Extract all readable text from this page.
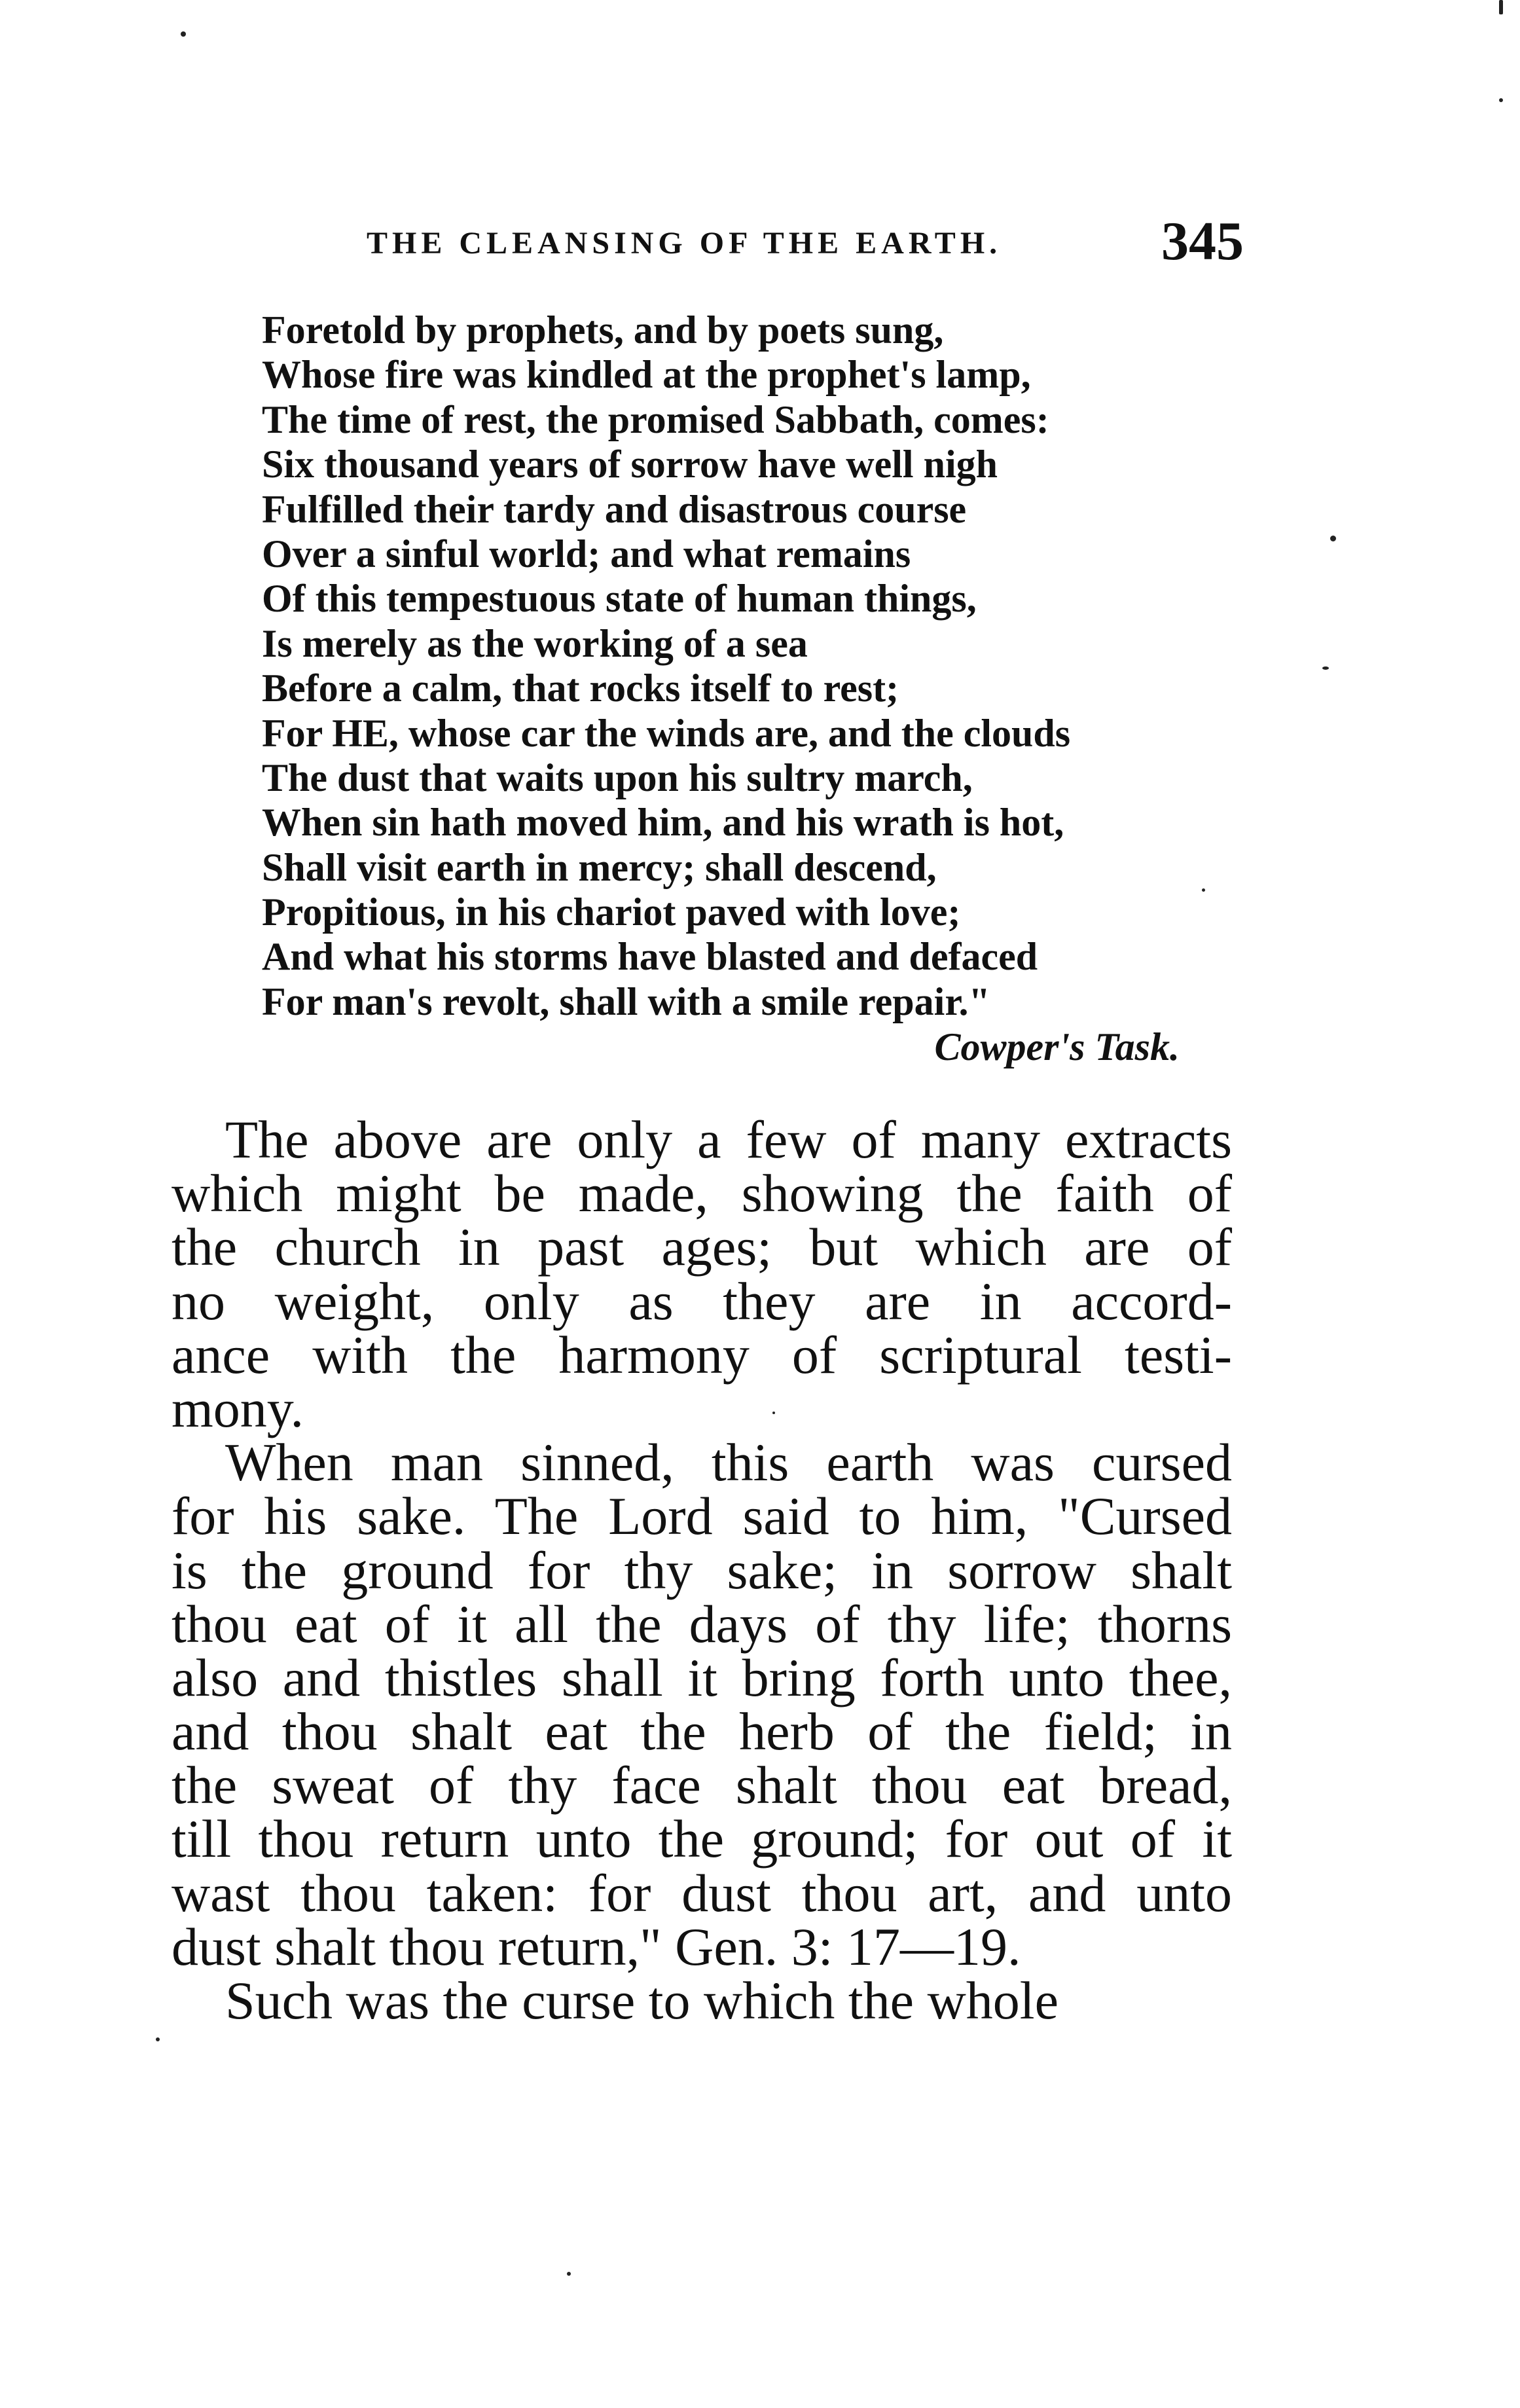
THE CLEANSING OF THE EARTH.	345
Foretold by prophets, and by poets sung,
Whose fire was kindled at the prophet's lamp,
The time of rest, the promised Sabbath, comes:
Six thousand years of sorrow have well nigh
Fulfilled their tardy and disastrous course
Over a sinful world; and what remains
Of this tempestuous state of human things,
Is merely as the working of a sea
Before a calm, that rocks itself to rest;
For HE, whose car the winds are, and the clouds
The dust that waits upon his sultry march,
When sin hath moved him, and his wrath is hot,
Shall visit earth in mercy; shall descend,
Propitious, in his chariot paved with love;
And what his storms have blasted and defaced
For man's revolt, shall with a smile repair."
Cowper's Task.
The above are only a few of many extracts
which might be made, showing the faith of
the church in past ages; but which are of
no weight, only as they are in accord-
ance with the harmony of scriptural testi-
mony.
When man sinned, this earth was cursed
for his sake. The Lord said to him, "Cursed
is the ground for thy sake; in sorrow shalt
thou eat of it all the days of thy life; thorns
also and thistles shall it bring forth unto thee,
and thou shalt eat the herb of the field; in
the sweat of thy face shalt thou eat bread,
till thou return unto the ground; for out of it
wast thou taken: for dust thou art, and unto
dust shalt thou return," Gen. 3: 17—19.
Such was the curse to which the whole
